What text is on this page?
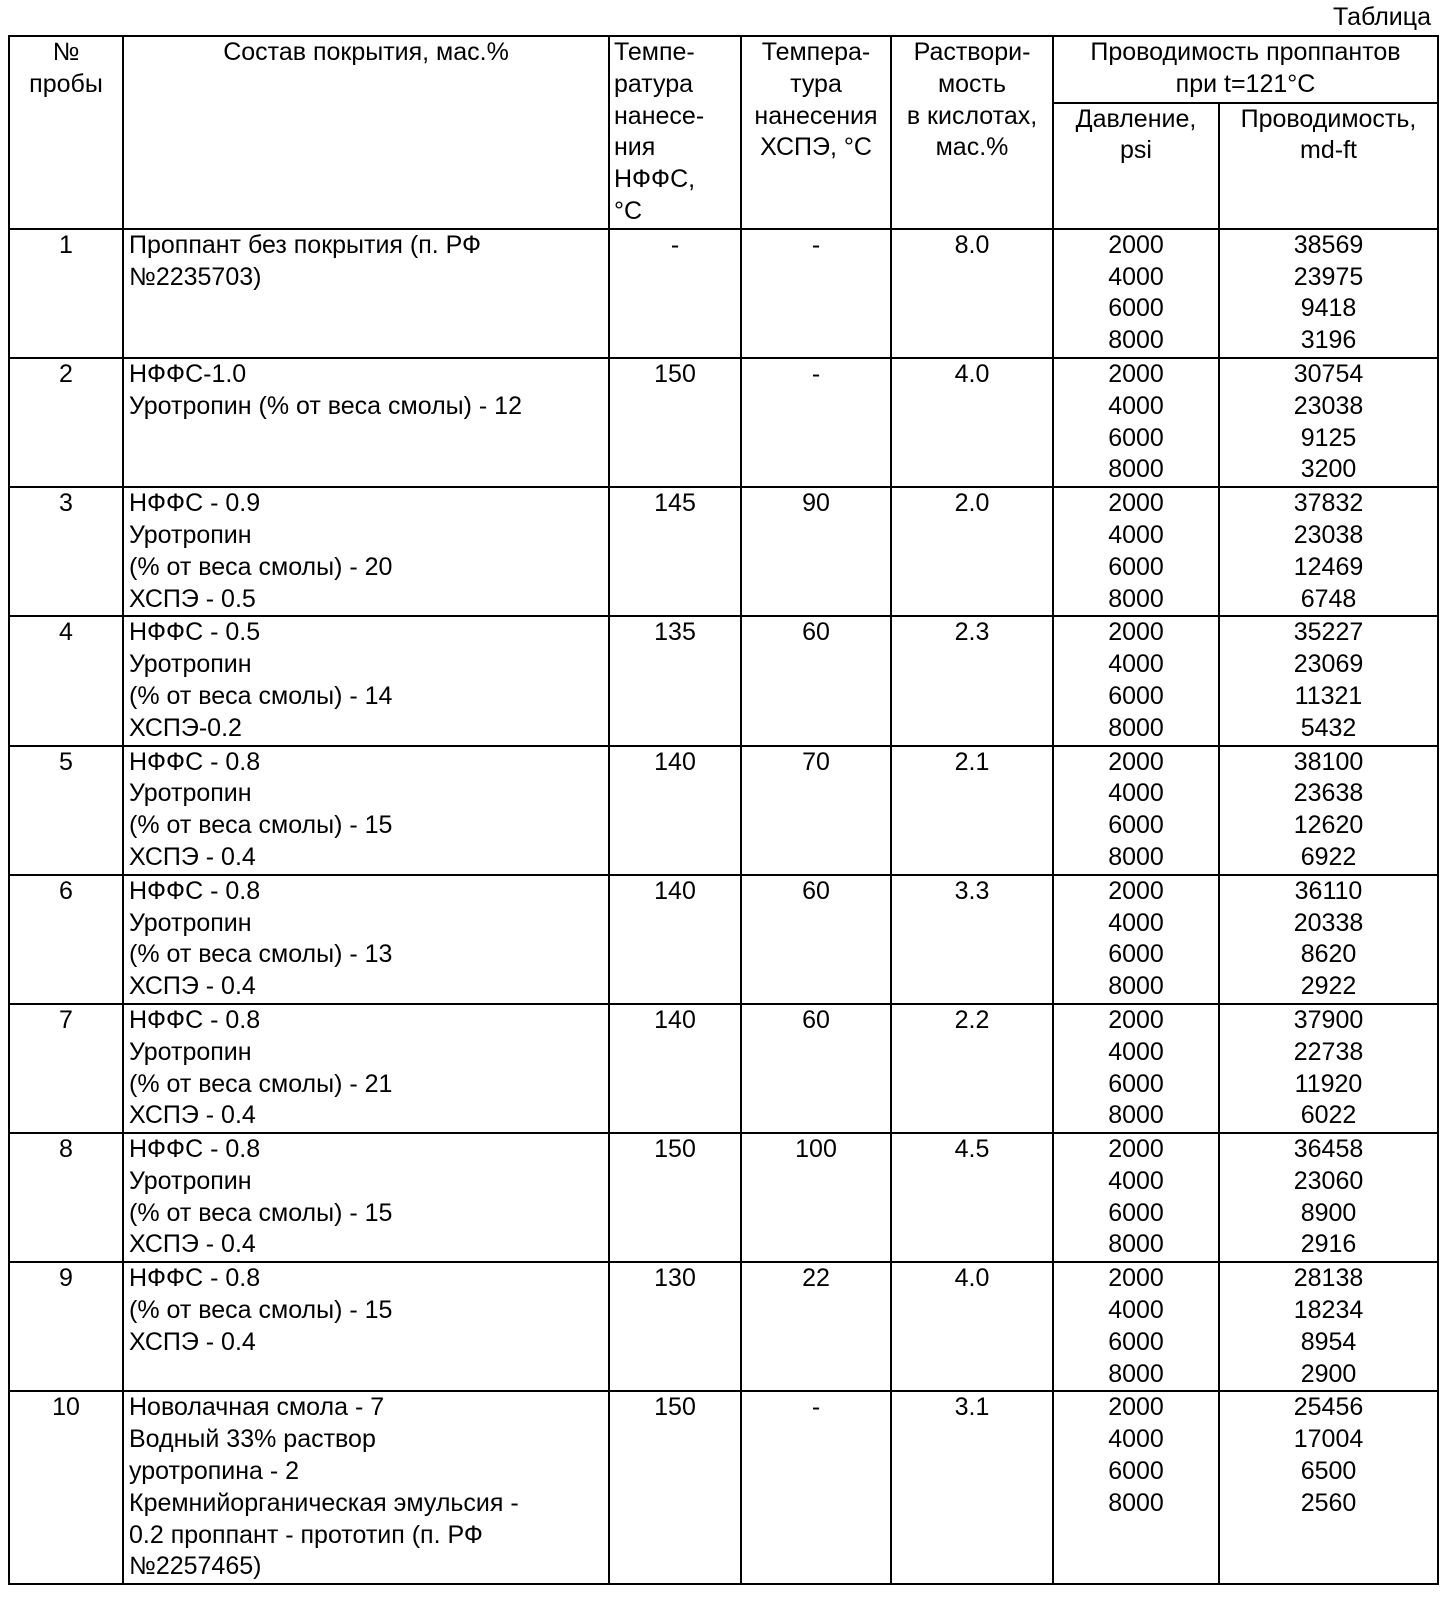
Таблица
№
пробы

Состав покрытия, мас.%	Темпе-
ратура
нанесе-
ния
НФФС,
°С

Темпера-
тура
нанесения
ХСПЭ, °С

Раствори-
мость
в кислотах,
мас.%

Проводимость проппантов
при t=121°С

Давление,
psi

Проводимость,
md-ft

1	Проппант без покрытия (п. РФ
№2235703)

-	-	8.0	2000
4000
6000
8000

38569
23975
9418
3196

2	НФФС-1.0
Уротропин (% от веса смолы) - 12

150	-	4.0	2000
4000
6000
8000

30754
23038
9125
3200

3	НФФС - 0.9
Уротропин
(% от веса смолы) - 20
ХСПЭ - 0.5

145	90	2.0	2000
4000
6000
8000

37832
23038
12469
6748

4	НФФС - 0.5
Уротропин
(% от веса смолы) - 14
ХСПЭ-0.2

135	60	2.3	2000
4000
6000
8000

35227
23069
11321
5432

5	НФФС - 0.8
Уротропин
(% от веса смолы) - 15
ХСПЭ - 0.4

140	70	2.1	2000
4000
6000
8000

38100
23638
12620
6922

6	НФФС - 0.8
Уротропин
(% от веса смолы) - 13
ХСПЭ - 0.4

140	60	3.3	2000
4000
6000
8000

36110
20338
8620
2922

7	НФФС - 0.8
Уротропин
(% от веса смолы) - 21
ХСПЭ - 0.4

140	60	2.2	2000
4000
6000
8000

37900
22738
11920
6022

8	НФФС - 0.8
Уротропин
(% от веса смолы) - 15
ХСПЭ - 0.4

150	100	4.5	2000
4000
6000
8000

36458
23060
8900
2916

9	НФФС - 0.8
(% от веса смолы) - 15
ХСПЭ - 0.4

130	22	4.0	2000
4000
6000
8000

28138
18234
8954
2900

10	Новолачная смола - 7
Водный 33% раствор
уротропина - 2
Кремнийорганическая эмульсия -
0.2 проппант - прототип (п. РФ
№2257465)

150	-	3.1	2000
4000
6000
8000

25456
17004
6500
2560
